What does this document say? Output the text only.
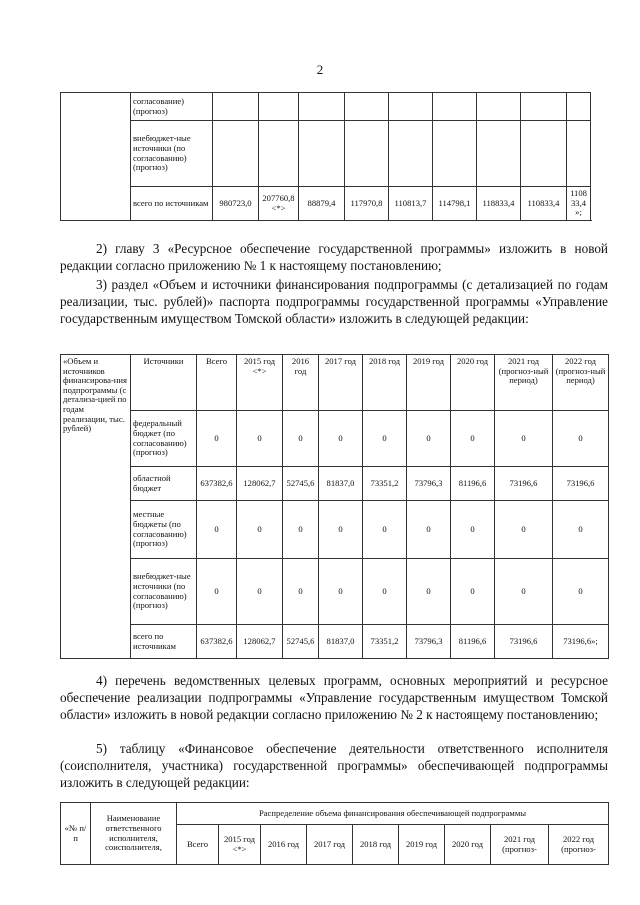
2
	согласование) (прогноз)									
	внебюджет-ные источники (по согласованию) (прогноз)									
	всего по источникам	980723,0	207760,8 <*>	88879,4	117970,8	110813,7	114798,1	118833,4	110833,4	110833,4»;
2) главу 3 «Ресурсное обеспечение государственной программы» изложить в новой
редакции согласно приложению № 1 к настоящему постановлению;
3) раздел «Объем и источники финансирования подпрограммы (с детализацией по годам реализации, тыс. рублей)» паспорта подпрограммы государственной программы «Управление государственным имуществом Томской области» изложить в следующей редакции:
«Объем и источников финансирова-ния подпрограммы (с детализа-цией по годам реализации, тыс. рублей)	Источники	Всего	2015 год <*>	2016 год	2017 год	2018 год	2019 год	2020 год	2021 год (прогноз-ный период)	2022 год (прогноз-ный период)
	федеральный бюджет (по согласованию) (прогноз)	0	0	0	0	0	0	0	0	0
	областной бюджет	637382,6	128062,7	52745,6	81837,0	73351,2	73796,3	81196,6	73196,6	73196,6
	местные бюджеты (по согласованию) (прогноз)	0	0	0	0	0	0	0	0	0
	внебюджет-ные источники (по согласованию) (прогноз)	0	0	0	0	0	0	0	0	0
	всего по источникам	637382,6	128062,7	52745,6	81837,0	73351,2	73796,3	81196,6	73196,6	73196,6»;
4) перечень ведомственных целевых программ, основных мероприятий и ресурсное обеспечение реализации подпрограммы «Управление государственным имуществом Томской области» изложить в новой редакции согласно приложению № 2 к настоящему постановлению;
5) таблицу «Финансовое обеспечение деятельности ответственного исполнителя (соисполнителя, участника) государственной программы» обеспечивающей подпрограммы изложить в следующей редакции:
«№ п/п	Наименование ответственного исполнителя, соисполнителя,	Распределение объема финансирования обеспечивающей подпрограммы								
		Всего	2015 год <*>	2016 год	2017 год	2018 год	2019 год	2020 год	2021 год (прогноз-	2022 год (прогноз-
